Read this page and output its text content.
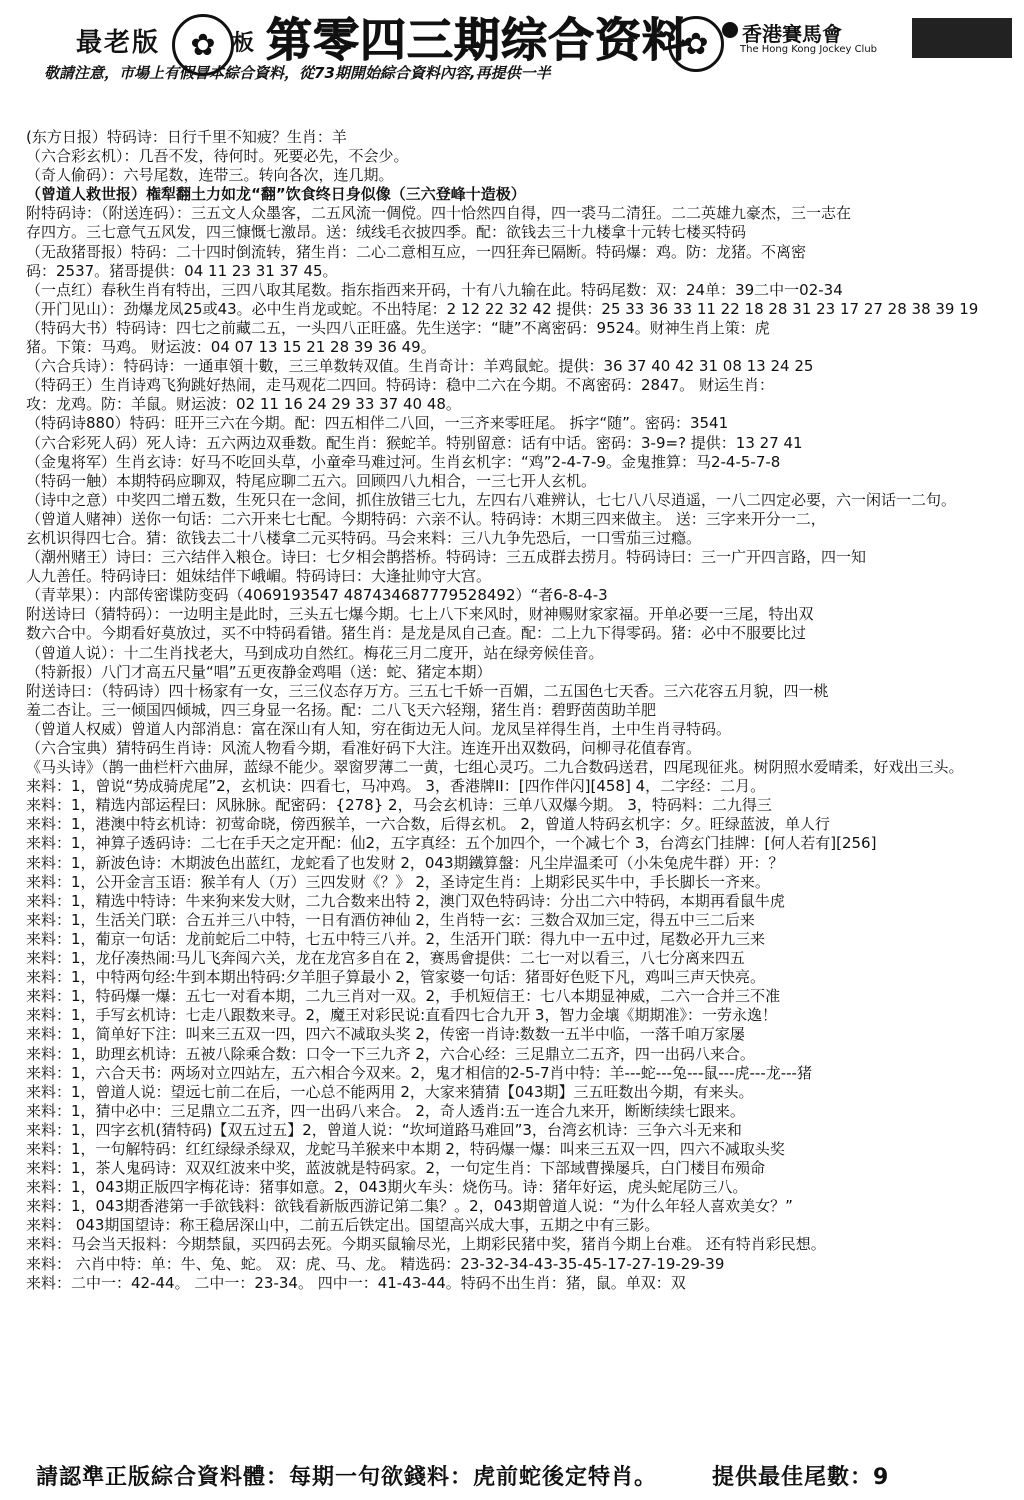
最老版	✿ 板 第零四三期综合资料
✿	香港賽馬會
The Hong Kong Jockey Club
敬請注意，市場上有假冒本綜合資料，從73期開始綜合資料內容,再提供一半
(东方日报）特码诗：日行千里不知疲？生肖：羊
（六合彩玄机）：几吾不发，待何时。死要必先，不会少。
（奇人偷码）：六号尾数，连带三。转向各次，连几期。
（曾道人救世报）権犁翻土力如龙“翻”饮食终日身似像（三六登峰十造极）
附特码诗：（附送连码）：三五文人众墨客，二五风流一倜傥。四十恰然四自得，四一裘马二清狂。二二英雄九豪杰，三一志在
存四方。三七意气五风发，四三慷慨七激昂。送：绒线毛衣披四季。配：欲钱去三十九楼拿十元转七楼买特码
（无敌猪哥报）特码：二十四时倒流转，猪生肖：二心二意相互应，一四狂奔已隔断。特码爆：鸡。防：龙猪。不离密
码：2537。猪哥提供：04 11 23 31 37 45。
（一点红）春秋生肖有特出，三四八取其尾数。指东指西来开码，十有八九输在此。特码尾数：双：24单：39二中一02-34
（开门见山）：劲爆龙凤25或43。必中生肖龙或蛇。不出特尾：2 12 22 32 42 提供：25 33 36 33 11 22 18 28 31 23 17 27 28 38 39 19
（特码大书）特码诗：四七之前藏二五，一头四八正旺盛。先生送字：“睫”不离密码：9524。财神生肖上策：虎
猪。下策：马鸡。 财运波：04 07 13 15 21 28 39 36 49。
（六合兵诗）：特码诗：一通車領十數，三三单数转双值。生肖奇计：羊鸡鼠蛇。提供：36 37 40 42 31 08 13 24 25
（特码王）生肖诗鸡飞狗跳好热闹，走马观花二四回。特码诗：稳中二六在今期。不离密码：2847。 财运生肖：
攻：龙鸡。防：羊鼠。财运波：02 11 16 24 29 33 37 40 48。
（特码诗880）特码：旺开三六在今期。配：四五相伴二八回，一三齐来零旺尾。 拆字“随”。密码：3541
（六合彩死人码）死人诗：五六两边双垂数。配生肖：猴蛇羊。特别留意：话有中话。密码：3-9=? 提供：13 27 41
（金鬼将军）生肖玄诗：好马不吃回头草，小童牵马难过河。生肖玄机字：“鸡”2-4-7-9。金鬼推算：马2-4-5-7-8
（特码一触）本期特码应聊双，特尾应聊二五六。回顾四八九相合，一三七开人玄机。
（诗中之意）中奖四二增五数，生死只在一念间，抓住放错三七九，左四右八难辨认，七七八八尽逍遥，一八二四定必要，六一闲话一二句。
（曾道人赌神）送你一句话：二六开来七七配。今期特码：六亲不认。特码诗：木期三四来做主。 送：三字来开分一二，
玄机识得四七合。猜：欲钱去二十八楼拿二元买特码。马会来料：三八九争先恐后，一口雪茄三过瘾。
（潮州赌王）诗曰：三六结伴入粮仓。诗曰：七夕相会鹊搭桥。特码诗：三五成群去捞月。特码诗曰：三一广开四言路，四一知
人九善任。特码诗曰：姐妹结伴下峨嵋。特码诗曰：大逢扯帅守大宫。
（青苹果）：内部传密谍防变码（4069193547 487434687779528492）“者6-8-4-3
附送诗曰（猜特码）：一边明主是此时，三头五七爆今期。七上八下来风时，财神赐财家家福。开单必要一三尾，特出双
数六合中。今期看好莫放过，买不中特码看错。猪生肖：是龙是凤自己查。配：二上九下得零码。猪：必中不服要比过
（曾道人说）：十二生肖找老大，马到成功自然红。梅花三月二度开，站在绿旁候佳音。
（特新报）八门才高五尺量“唱”五更夜静金鸡唱（送：蛇、猪定本期）
附送诗曰：（特码诗）四十杨家有一女，三三仪态存万方。三五七千娇一百媚，二五国色七天香。三六花容五月貌，四一桃
羞二杏让。三一倾国四倾城，四三身显一名扬。配：二八飞天六轻翔，猪生肖：碧野茵茵助羊肥
（曾道人权威）曾道人内部消息：富在深山有人知，穷在街边无人问。龙凤呈祥得生肖，土中生肖寻特码。
（六合宝典）猜特码生肖诗：风流人物看今期，看准好码下大注。连连开出双数码，问柳寻花值春宵。
《马头诗》（鹊一曲栏杆六曲屏，蓝绿不能少。翠窗罗薄二一黄，七组心灵巧。二九合数码送君，四尾现征兆。树阴照水爱晴柔，好戏出三头。
来料：1，曾说“势成骑虎尾”2，玄机诀：四看七，马冲鸡。 3，香港牌II：[四作伴闪][458] 4，二字经：二月。
来料：1，精选内部运程曰：风脉脉。配密码：{278} 2，马会玄机诗：三单八双爆今期。 3，特码料：二九得三
来料：1，港澳中特玄机诗：初莺命晓，傍西猴羊，一六合数，后得玄机。 2，曾道人特码玄机字：夕。旺绿蓝波，单人行
来料：1，神算子透码诗：二七在手天之定开配：仙2，五字真经：五个加四个，一个减七个 3，台湾玄门挂牌：[何人若有][256]
来料：1，新波色诗：木期波色出蓝红，龙蛇看了也发财 2，043期鐵算盤：凡尘岸温柔可（小朱兔虎牛群）开：？
来料：1，公开金言玉语：猴羊有人（万）三四发财《？》 2，圣诗定生肖：上期彩民买牛中，手长脚长一齐来。
来料：1，精选中特诗：牛来狗来发大财，二九合数来出特 2，澳门双色特码诗：分出二六中特码，本期再看鼠牛虎
来料：1，生活关门联：合五并三八中特，一日有酒仿神仙 2，生肖特一玄：三数合双加三定，得五中三二后来
来料：1，葡京一句话：龙前蛇后二中特，七五中特三八并。2，生活开门联：得九中一五中过，尾数必开九三来
来料：1，龙仔凑热闹:马儿飞奔闯六关，龙在龙宫多自在 2，赛馬會提供：二七一对以看三，八七分离来四五
来料：1，中特两句经:牛到本期出特码:夕羊胆子算最小 2，管家婆一句话：猪哥好色贬下凡，鸡叫三声天快亮。
来料：1，特码爆一爆：五七一对看本期，二九三肖对一双。2，手机短信王：七八本期显神威，二六一合并三不准
来料：1，手写玄机诗：七走八跟数来寻。2，魔王对彩民说:直看四七合九开 3，智力金壤《期期准》：一劳永逸！
来料：1，简单好下注：叫来三五双一四，四六不减取头奖 2，传密一肖诗:数数一五半中临，一落千咱万家屡
来料：1，助理玄机诗：五被八除乘合数：口令一下三九齐 2，六合心经：三足鼎立二五齐，四一出码八来合。
来料：1，六合天书：两场对立四站左，五六相合今双来。2，鬼才相信的2-5-7肖中特：羊---蛇---兔---鼠---虎---龙---猪
来料：1，曾道人说：望远七前二在后，一心总不能两用 2，大家来猜猜【043期】三五旺数出今期，有来头。
来料：1，猜中必中：三足鼎立二五齐，四一出码八来合。 2，奇人透肖:五一连合九来开，断断续续七跟来。
来料：1，四字玄机(猜特码)【双五过五】2，曾道人说：“坎坷道路马难回”3，台湾玄机诗：三争六斗无来和
来料：1，一句解特码：红红绿绿杀绿双，龙蛇马羊猴来中本期 2，特码爆一爆：叫来三五双一四，四六不减取头奖
来料：1，茶人鬼码诗：双双红波来中奖，蓝波就是特码家。2，一句定生肖：下部域曹操屡兵，白门楼目布殒命
来料：1，043期正版四字梅花诗：猪事如意。2，043期火车头：烧伤马。诗：猪年好运，虎头蛇尾防三八。
来料：1，043期香港第一手欲钱料：欲钱看新版西游记第二集？。2，043期曾道人说：“为什么年轻人喜欢美女？”
来料： 043期国望诗：称王稳居深山中，二前五后铁定出。国望高兴成大事，五期之中有三影。
来料：马会当天报料：今期禁鼠，买四码去死。今期买鼠输尽光，上期彩民猪中奖，猪肖今期上台难。 还有特肖彩民想。
来料： 六肖中特：单：牛、兔、蛇。 双：虎、马、龙。 精选码：23-32-34-43-35-45-17-27-19-29-39
来料：二中一：42-44。 二中一：23-34。 四中一：41-43-44。特码不出生肖：猪，鼠。单双：双
請認準正版綜合資料體：每期一句欲錢料：虎前蛇後定特肖。 提供最佳尾數：9
